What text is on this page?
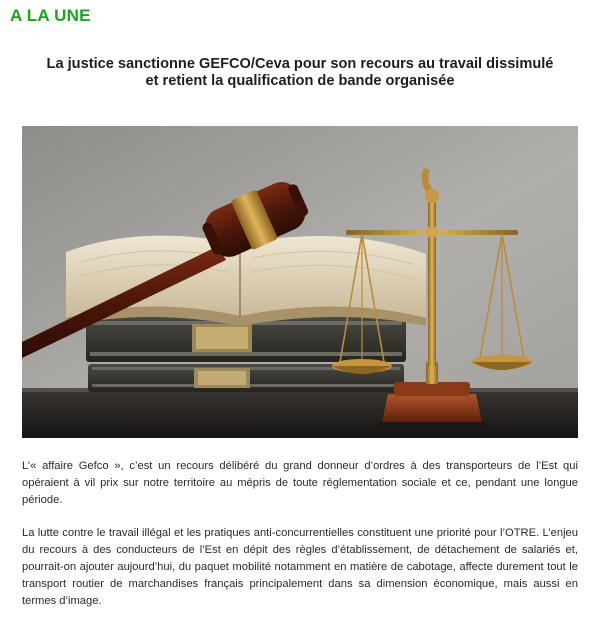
A LA UNE
La justice sanctionne GEFCO/Ceva pour son recours au travail dissimulé
et retient la qualification de bande organisée

L’« affaire Gefco », c’est un recours délibéré du grand donneur d’ordres à des transporteurs de l’Est qui opéraient à vil prix sur notre territoire au mépris de toute réglementation sociale et ce, pendant une longue période.

La lutte contre le travail illégal et les pratiques anti-concurrentielles constituent une priorité pour l’OTRE. L’enjeu du recours à des conducteurs de l’Est en dépit des règles d’établissement, de détachement de salariés et, pourrait-on ajouter aujourd’hui, du paquet mobilité notamment en matière de cabotage, affecte durement tout le transport routier de marchandises français principalement dans sa dimension économique, mais aussi en termes d’image.
